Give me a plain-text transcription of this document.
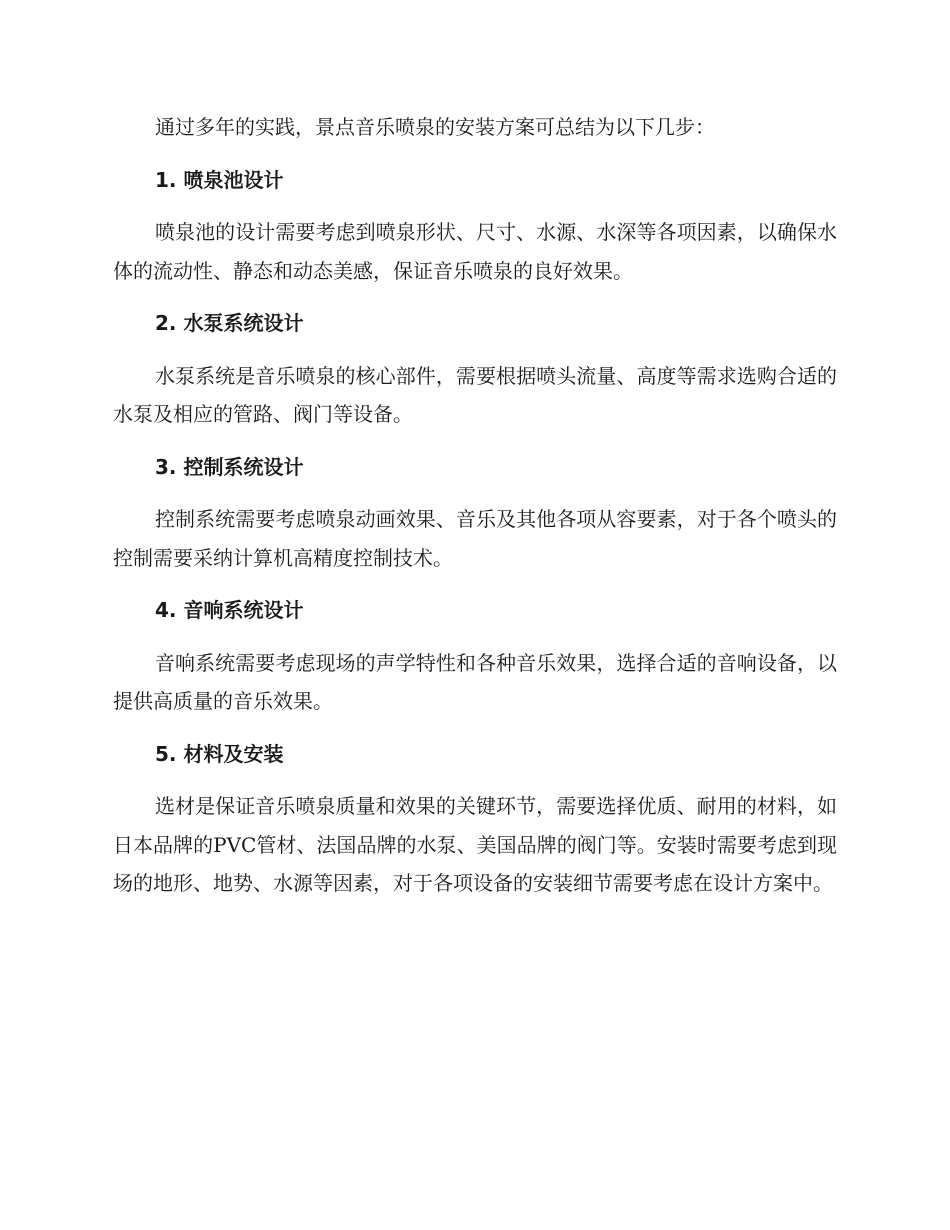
通过多年的实践，景点音乐喷泉的安装方案可总结为以下几步：

1. 喷泉池设计

喷泉池的设计需要考虑到喷泉形状、尺寸、水源、水深等各项因素，以确保水体的流动性、静态和动态美感，保证音乐喷泉的良好效果。

2. 水泵系统设计

水泵系统是音乐喷泉的核心部件，需要根据喷头流量、高度等需求选购合适的水泵及相应的管路、阀门等设备。

3. 控制系统设计

控制系统需要考虑喷泉动画效果、音乐及其他各项从容要素，对于各个喷头的控制需要采纳计算机高精度控制技术。

4. 音响系统设计

音响系统需要考虑现场的声学特性和各种音乐效果，选择合适的音响设备，以提供高质量的音乐效果。

5. 材料及安装

选材是保证音乐喷泉质量和效果的关键环节，需要选择优质、耐用的材料，如日本品牌的PVC管材、法国品牌的水泵、美国品牌的阀门等。安装时需要考虑到现场的地形、地势、水源等因素，对于各项设备的安装细节需要考虑在设计方案中。
